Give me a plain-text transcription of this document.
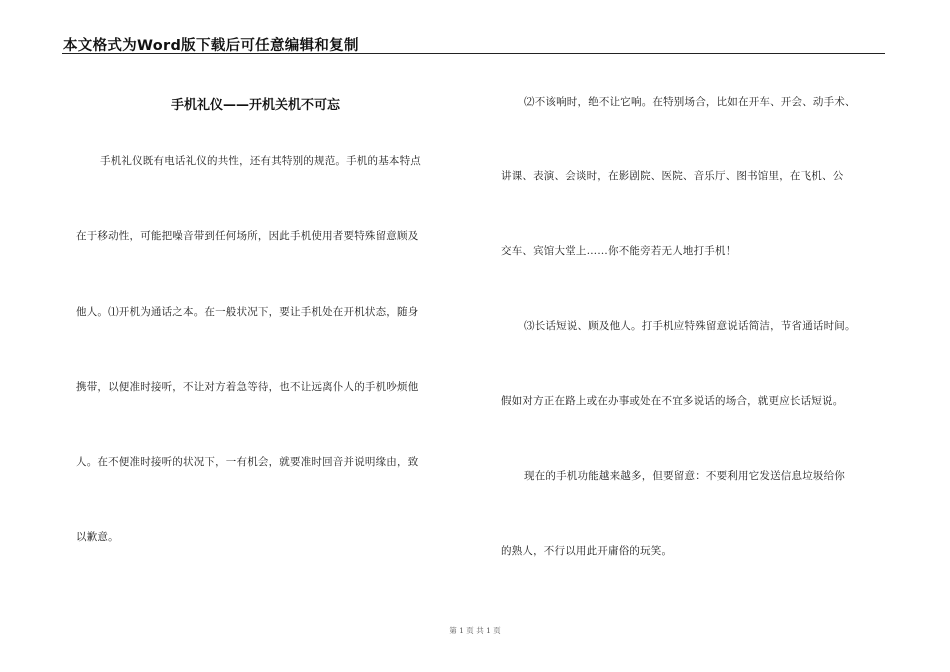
本文格式为Word版下载后可任意编辑和复制
手机礼仪——开机关机不可忘
手机礼仪既有电话礼仪的共性，还有其特别的规范。手机的基本特点
在于移动性，可能把噪音带到任何场所，因此手机使用者要特殊留意顾及
他人。⑴开机为通话之本。在一般状况下，要让手机处在开机状态，随身
携带，以便准时接听，不让对方着急等待，也不让远离仆人的手机吵烦他
人。在不便准时接听的状况下，一有机会，就要准时回音并说明缘由，致
以歉意。
⑵不该响时，绝不让它响。在特别场合，比如在开车、开会、动手术、
讲课、表演、会谈时，在影剧院、医院、音乐厅、图书馆里，在飞机、公
交车、宾馆大堂上……你不能旁若无人地打手机！
⑶长话短说、顾及他人。打手机应特殊留意说话简洁，节省通话时间。
假如对方正在路上或在办事或处在不宜多说话的场合，就更应长话短说。
现在的手机功能越来越多，但要留意：不要利用它发送信息垃圾给你
的熟人，不行以用此开庸俗的玩笑。
第 1 页 共 1 页
